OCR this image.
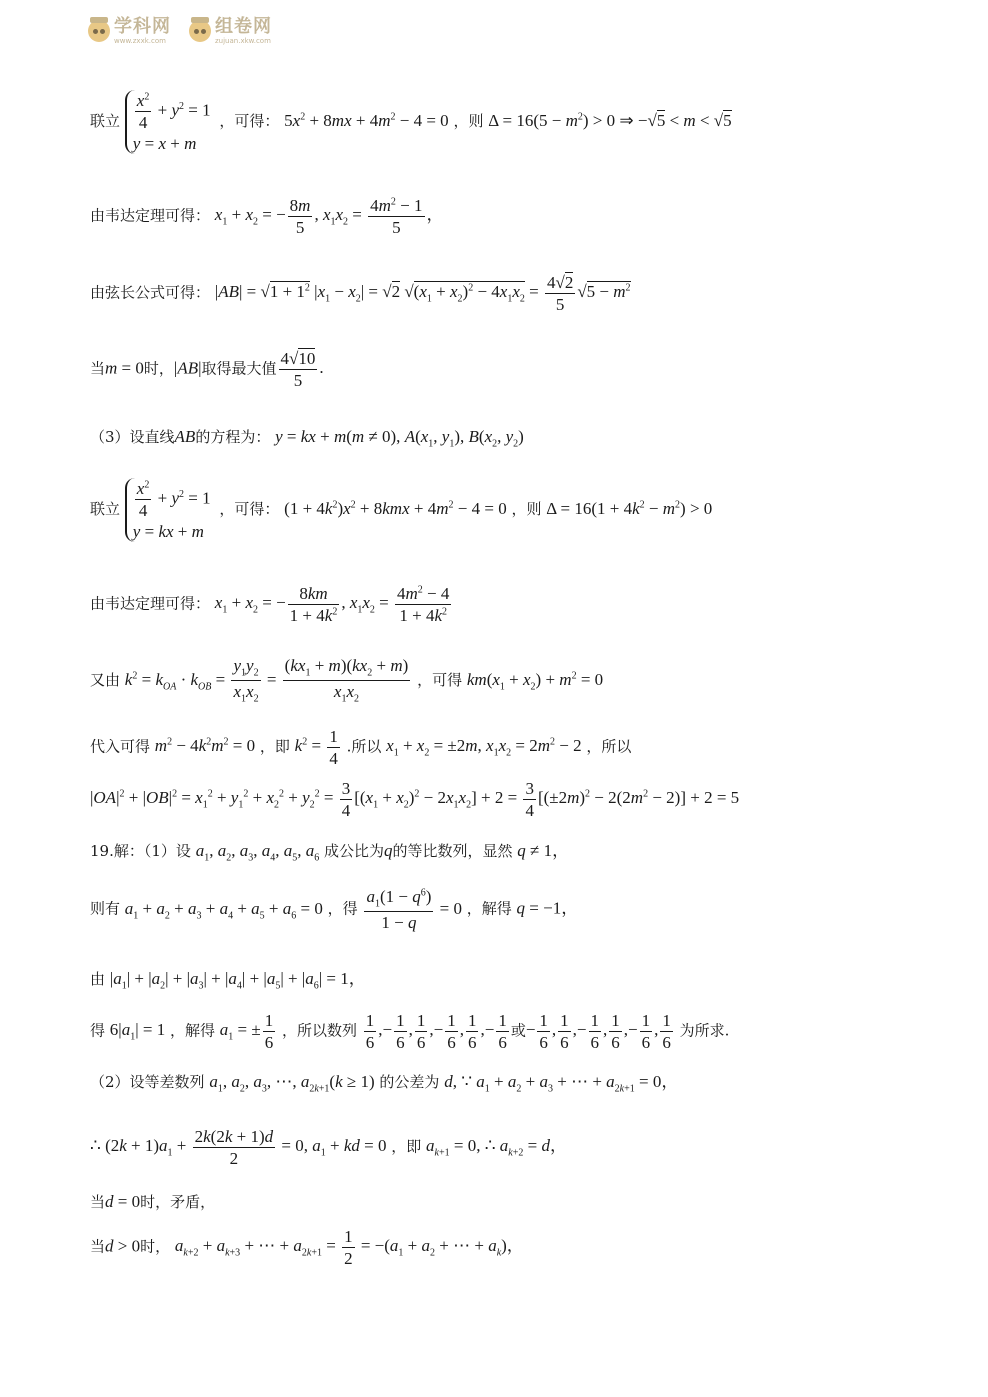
学科网
www.zxxk.com
组卷网
zujuan.xkw.com
联立 $\frac{x^2}{4} + y^2 = 1$
y = x + m
，可得： $5x^2 + 8mx + 4m^2 - 4 = 0$ ，则 $\Delta = 16(5 - m^2) > 0$ ⇒ −√5 < m < √5
由韦达定理可得： $x_1 + x_2$ = − $\frac{8m}{5}$ , $x_1x_2 = \frac{4m^2 - 1}{5}$ ，
由弦长公式可得： $|AB| = √1 + 1^2$ $|x_1 - x_2| = √2$ $√(x_1 + x_2)^2 - 4x_1x_2 = \frac{4√2}{5} √5 - m^2$
当m = 0时，|AB|取得最大值 $\frac{4√10}{5}$ .
（3）设直线AB的方程为： y = kx + m(m ≠ 0), $A(x_1$, $y_1$), $B(x_2$, $y_2$)
联立 $\frac{x^2}{4} + y^2 = 1$
y = kx + m
，可得： $(1 + 4k^2)x^2 + 8kmx + 4m^2 - 4 = 0$ ，则 $\Delta = 16(1 + 4k^2 - m^2) > 0$
由韦达定理可得： $x_1 + x_2$ = − $\frac{8km}{1 + 4k^2}$ , $x_1x_2 = \frac{4m^2 - 4}{1 + 4k^2}$
又由 $k^2 = k_{OA} \cdot k_{OB} = \frac{y_1y_2}{x_1x_2} = \frac{(kx_1 + m)(kx_2 + m)}{x_1x_2}$ ，可得 $km(x_1 + x_2) + m^2 = 0$
代入可得 $m^2 - 4k^2m^2 = 0$ ，即 $k^2 = \frac{1}{4}$ .所以 $x_1 + x_2 = \pm 2m$, $x_1x_2 = 2m^2 - 2$ ，所以
$|OA|^2 + |OB|^2 = x_1^2 + y_1^2 + x_2^2 + y_2^2 = \frac{3}{4} [(x_1 + x_2)^2 - 2x_1x_2] + 2 = \frac{3}{4} [(\pm 2m)^2 - 2(2m^2 - 2)] + 2 = 5$
19.解：（1）设 $a_1$, $a_2$, $a_3$, $a_4$, $a_5$, $a_6$ 成公比为q的等比数列，显然 q ≠ 1，
则有 $a_1 + a_2 + a_3 + a_4 + a_5 + a_6 = 0$ ，得 $\frac{a_1(1 - q^6)}{1 - q} = 0$ ，解得 q = −1，
由 $|a_1| + |a_2| + |a_3| + |a_4| + |a_5| + |a_6| = 1$，
得 $6|a_1| = 1$ ，解得 $a_1$ = ± $\frac{1}{6}$ ，所以数列 $\frac{1}{6}$ ,− $\frac{1}{6}$ , $\frac{1}{6}$ ,− $\frac{1}{6}$ , $\frac{1}{6}$ ,− $\frac{1}{6}$ 或− $\frac{1}{6}$ , $\frac{1}{6}$ ,− $\frac{1}{6}$ , $\frac{1}{6}$ ,− $\frac{1}{6}$ , $\frac{1}{6}$ 为所求.
（2）设等差数列 $a_1$, $a_2$, $a_3$, ⋯, $a_{2k+1}(k \ge 1)$ 的公差为 d, ∵ $a_1 + a_2 + a_3$ + ⋯ + $a_{2k+1} = 0$，
∴ $(2k + 1)a_1 + \frac{2k(2k + 1)d}{2} = 0$, $a_1$ + kd = 0 ，即 $a_{k+1} = 0$, ∴ $a_{k+2} = d$，
当d = 0时，矛盾，
当d > 0时， $a_{k+2} + a_{k+3}$ + ⋯ + $a_{2k+1} = \frac{1}{2} = -(a_1 + a_2$ + ⋯ + $a_k$)，
